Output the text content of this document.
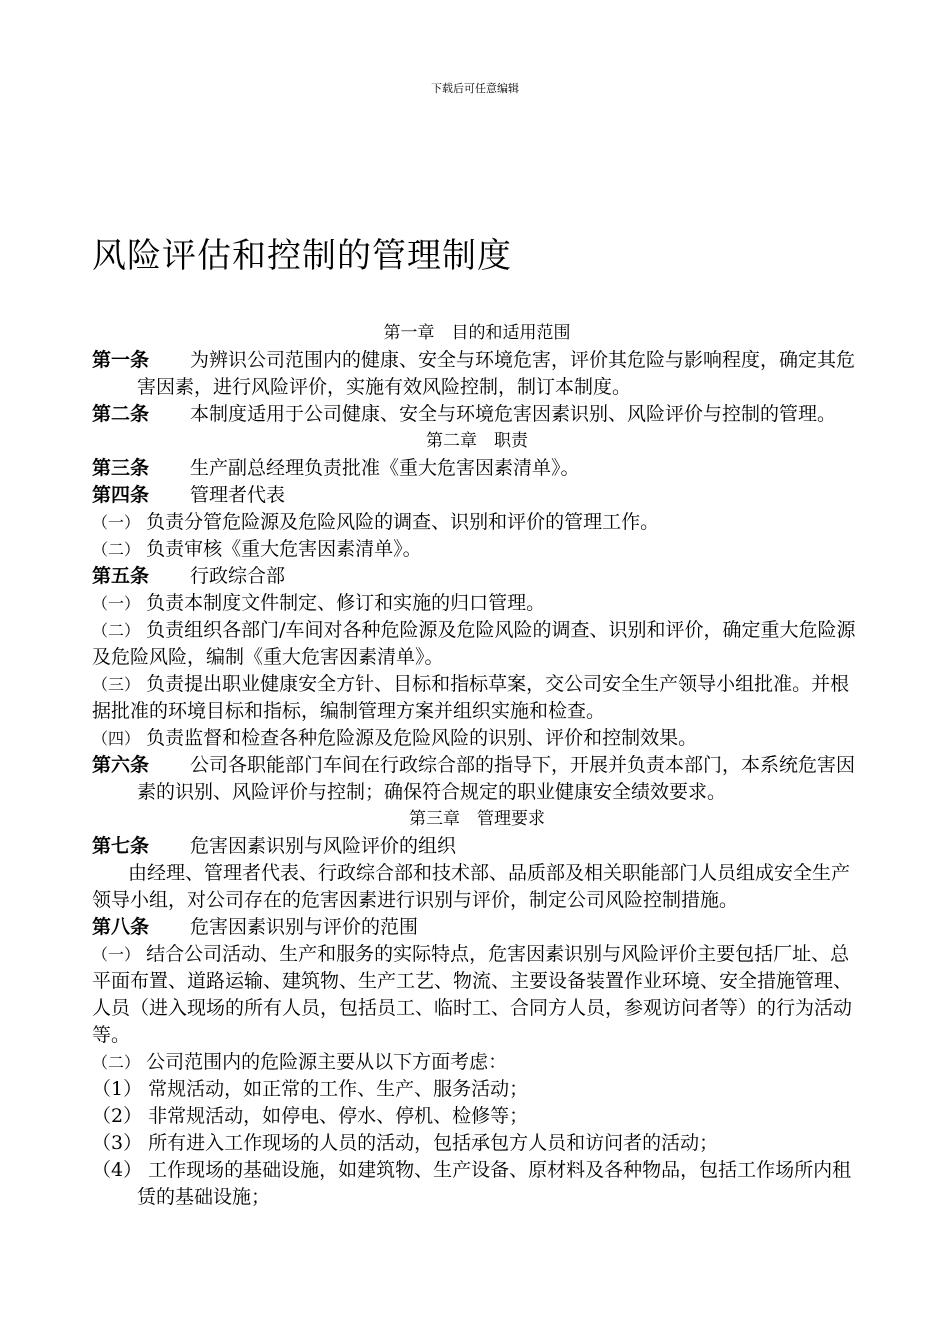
下载后可任意编辑
风险评估和控制的管理制度
第一章　目的和适用范围

第一条 为辨识公司范围内的健康、安全与环境危害，评价其危险与影响程度，确定其危害因素，进行风险评价，实施有效风险控制，制订本制度。

第二条 本制度适用于公司健康、安全与环境危害因素识别、风险评价与控制的管理。

第二章　职责

第三条 生产副总经理负责批准《重大危害因素清单》。

第四条 管理者代表

（一） 负责分管危险源及危险风险的调查、识别和评价的管理工作。

（二） 负责审核《重大危害因素清单》。

第五条 行政综合部

（一） 负责本制度文件制定、修订和实施的归口管理。

（二） 负责组织各部门/车间对各种危险源及危险风险的调查、识别和评价，确定重大危险源及危险风险，编制《重大危害因素清单》。

（三） 负责提出职业健康安全方针、目标和指标草案，交公司安全生产领导小组批准。并根据批准的环境目标和指标，编制管理方案并组织实施和检查。

（四） 负责监督和检查各种危险源及危险风险的识别、评价和控制效果。

第六条 公司各职能部门车间在行政综合部的指导下，开展并负责本部门，本系统危害因素的识别、风险评价与控制；确保符合规定的职业健康安全绩效要求。

第三章　管理要求

第七条 危害因素识别与风险评价的组织

由经理、管理者代表、行政综合部和技术部、品质部及相关职能部门人员组成安全生产领导小组，对公司存在的危害因素进行识别与评价，制定公司风险控制措施。

第八条 危害因素识别与评价的范围

（一） 结合公司活动、生产和服务的实际特点，危害因素识别与风险评价主要包括厂址、总平面布置、道路运输、建筑物、生产工艺、物流、主要设备装置作业环境、安全措施管理、人员（进入现场的所有人员，包括员工、临时工、合同方人员，参观访问者等）的行为活动等。

（二） 公司范围内的危险源主要从以下方面考虑：

（1） 常规活动，如正常的工作、生产、服务活动；

（2） 非常规活动，如停电、停水、停机、检修等；

（3） 所有进入工作现场的人员的活动，包括承包方人员和访问者的活动；

（4） 工作现场的基础设施，如建筑物、生产设备、原材料及各种物品，包括工作场所内租赁的基础设施；
